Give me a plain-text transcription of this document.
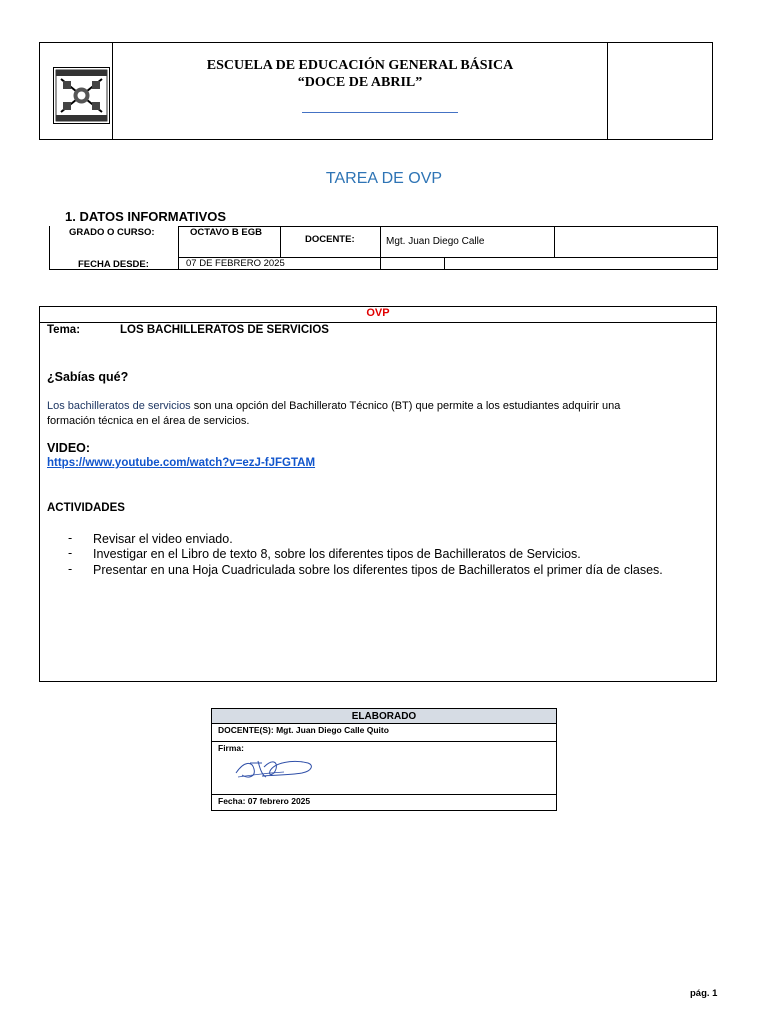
ESCUELA DE EDUCACIÓN GENERAL BÁSICA
“DOCE DE ABRIL”
TAREA DE OVP
1. DATOS INFORMATIVOS
GRADO O CURSO:	OCTAVO B EGB
DOCENTE:	Mgt. Juan Diego Calle
FECHA DESDE:	07 DE FEBRERO 2025
OVP
Tema:	LOS BACHILLERATOS DE SERVICIOS
¿Sabías qué?
Los bachilleratos de servicios son una opción del Bachillerato Técnico (BT) que permite a los estudiantes adquirir una
formación técnica en el área de servicios.
VIDEO:
https://www.youtube.com/watch?v=ezJ-fJFGTAM
ACTIVIDADES
- Revisar el video enviado.
- Investigar en el Libro de texto 8, sobre los diferentes tipos de Bachilleratos de Servicios.
- Presentar en una Hoja Cuadriculada sobre los diferentes tipos de Bachilleratos el primer día de clases.
ELABORADO
DOCENTE(S): Mgt. Juan Diego Calle Quito
Firma:
Fecha: 07 febrero 2025
pág. 1
